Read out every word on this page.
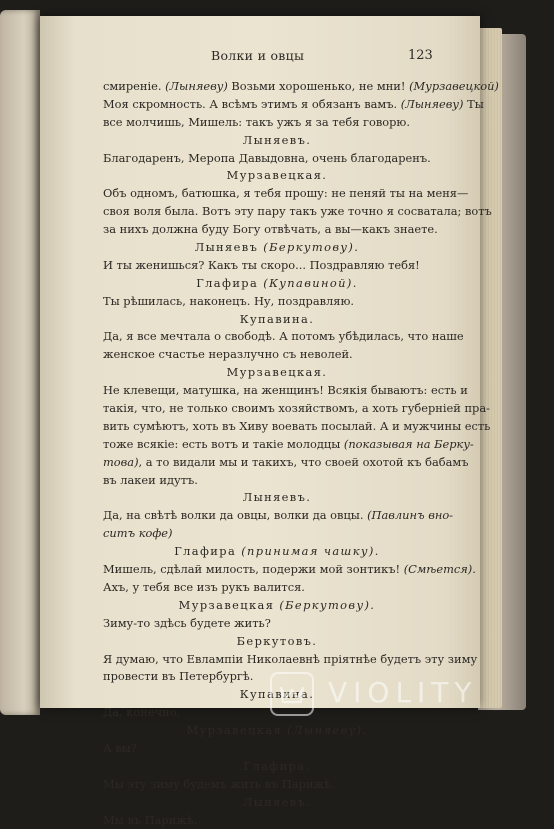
Волки и овцы	123
смиреніе. (Лыняеву) Возьми хорошенько, не мни! (Мурзавецкой)
Моя скромность. А всѣмъ этимъ я обязанъ вамъ. (Лыняеву) Ты
все молчишь, Мишель: такъ ужъ я за тебя говорю.
Лыняевъ.
Благодаренъ, Меропа Давыдовна, очень благодаренъ.
Мурзавецкая.
Объ одномъ, батюшка, я тебя прошу: не пеняй ты на меня—
своя воля была. Вотъ эту пару такъ уже точно я сосватала; вотъ
за нихъ должна буду Богу отвѣчать, а вы—какъ знаете.
Лыняевъ (Беркутову).
И ты женишься? Какъ ты скоро... Поздравляю тебя!
Глафира (Купавиной).
Ты рѣшилась, наконецъ. Ну, поздравляю.
Купавина.
Да, я все мечтала о свободѣ. А потомъ убѣдилась, что наше
женское счастье неразлучно съ неволей.
Мурзавецкая.
Не клевещи, матушка, на женщинъ! Всякія бываютъ: есть и
такія, что, не только своимъ хозяйствомъ, а хоть губерніей пра-
вить сумѣютъ, хоть въ Хиву воевать посылай. А и мужчины есть
тоже всякіе: есть вотъ и такіе молодцы (показывая на Берку-
това), а то видали мы и такихъ, что своей охотой къ бабамъ
въ лакеи идутъ.
Лыняевъ.
Да, на свѣтѣ волки да овцы, волки да овцы. (Павлинъ вно-
ситъ кофе)
Глафира (принимая чашку).
Мишель, сдѣлай милость, подержи мой зонтикъ! (Смѣется).
Ахъ, у тебя все изъ рукъ валится.
Мурзавецкая (Беркутову).
Зиму-то здѣсь будете жить?
Беркутовъ.
Я думаю, что Евлампіи Николаевнѣ пріятнѣе будетъ эту зиму
провести въ Петербургѣ.
Купавина.
Да, конечно.
Мурзавецкая (Лыняеву).
А вы?
Глафира.
Мы эту зиму будемъ жить въ Парижѣ.
Лыняевъ.
Мы въ Парижѣ.
VIOLITY
